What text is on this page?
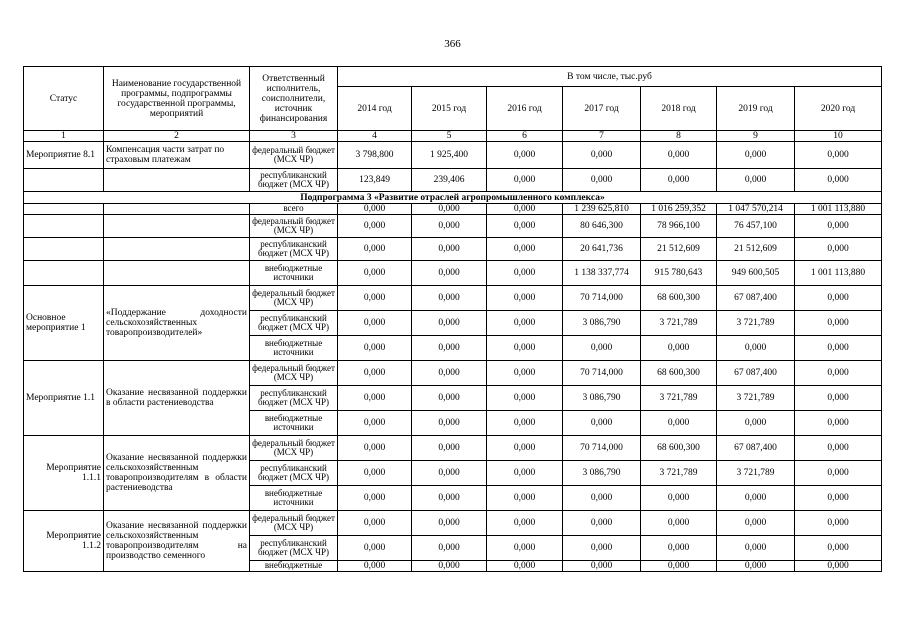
366
Статус	Наименование государственной программы, подпрограммы государственной программы, мероприятий	Ответственный исполнитель, соисполнители, источник финансирования	В том числе, тыс.руб						
			2014 год	2015 год	2016 год	2017 год	2018 год	2019 год	2020 год
1	2	3	4	5	6	7	8	9	10
Мероприятие 8.1	Компенсация части затрат по страховым платежам	федеральный бюджет (МСХ ЧР)	3 798,800	1 925,400	0,000	0,000	0,000	0,000	0,000
		республиканский бюджет (МСХ ЧР)	123,849	239,406	0,000	0,000	0,000	0,000	0,000
Подпрограмма 3 «Развитие отраслей агропромышленного комплекса»									
		всего	0,000	0,000	0,000	1 239 625,810	1 016 259,352	1 047 570,214	1 001 113,880
		федеральный бюджет (МСХ ЧР)	0,000	0,000	0,000	80 646,300	78 966,100	76 457,100	0,000
		республиканский бюджет (МСХ ЧР)	0,000	0,000	0,000	20 641,736	21 512,609	21 512,609	0,000
		внебюджетные источники	0,000	0,000	0,000	1 138 337,774	915 780,643	949 600,505	1 001 113,880
Основное мероприятие 1	«Поддержание доходности сельскохозяйственных товаропроизводителей»	федеральный бюджет (МСХ ЧР)	0,000	0,000	0,000	70 714,000	68 600,300	67 087,400	0,000
		республиканский бюджет (МСХ ЧР)	0,000	0,000	0,000	3 086,790	3 721,789	3 721,789	0,000
		внебюджетные источники	0,000	0,000	0,000	0,000	0,000	0,000	0,000
Мероприятие 1.1	Оказание несвязанной поддержки в области растениеводства	федеральный бюджет (МСХ ЧР)	0,000	0,000	0,000	70 714,000	68 600,300	67 087,400	0,000
		республиканский бюджет (МСХ ЧР)	0,000	0,000	0,000	3 086,790	3 721,789	3 721,789	0,000
		внебюджетные источники	0,000	0,000	0,000	0,000	0,000	0,000	0,000
Мероприятие 1.1.1	Оказание несвязанной поддержки сельскохозяйственным товаропроизводителям в области растениеводства	федеральный бюджет (МСХ ЧР)	0,000	0,000	0,000	70 714,000	68 600,300	67 087,400	0,000
		республиканский бюджет (МСХ ЧР)	0,000	0,000	0,000	3 086,790	3 721,789	3 721,789	0,000
		внебюджетные источники	0,000	0,000	0,000	0,000	0,000	0,000	0,000
Мероприятие 1.1.2	Оказание несвязанной поддержки сельскохозяйственным товаропроизводителям на производство семенного	федеральный бюджет (МСХ ЧР)	0,000	0,000	0,000	0,000	0,000	0,000	0,000
		республиканский бюджет (МСХ ЧР)	0,000	0,000	0,000	0,000	0,000	0,000	0,000
		внебюджетные	0,000	0,000	0,000	0,000	0,000	0,000	0,000
